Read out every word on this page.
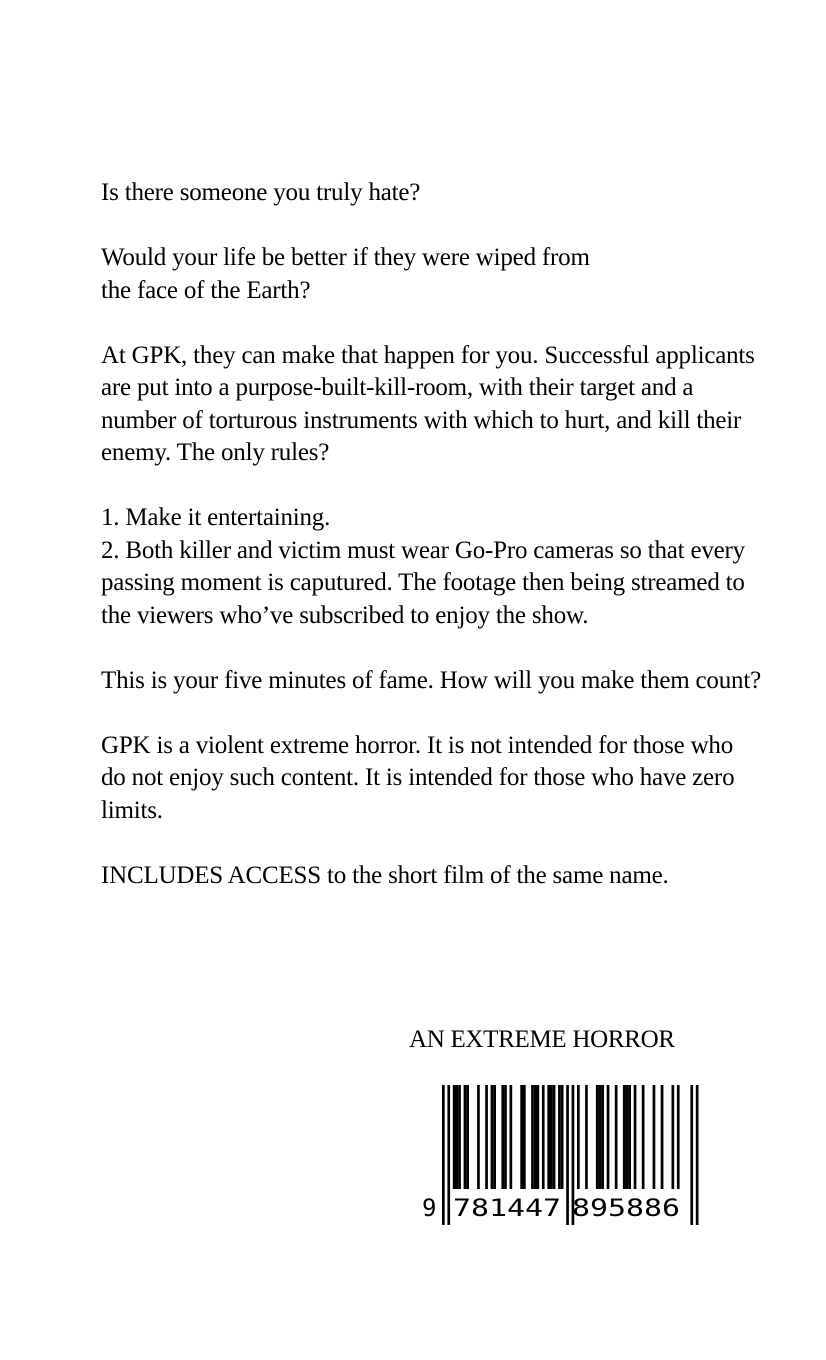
Is there someone you truly hate?

Would your life be better if they were wiped from
the face of the Earth?

At GPK, they can make that happen for you. Successful applicants are put into a purpose-built-kill-room, with their target and a number of torturous instruments with which to hurt, and kill their enemy. The only rules?

1. Make it entertaining.
2. Both killer and victim must wear Go-Pro cameras so that every passing moment is caputured. The footage then being streamed to the viewers who’ve subscribed to enjoy the show.

This is your five minutes of fame. How will you make them count?

GPK is a violent extreme horror. It is not intended for those who do not enjoy such content. It is intended for those who have zero limits.

INCLUDES ACCESS to the short film of the same name.

AN EXTREME HORROR
9 781447 895886
